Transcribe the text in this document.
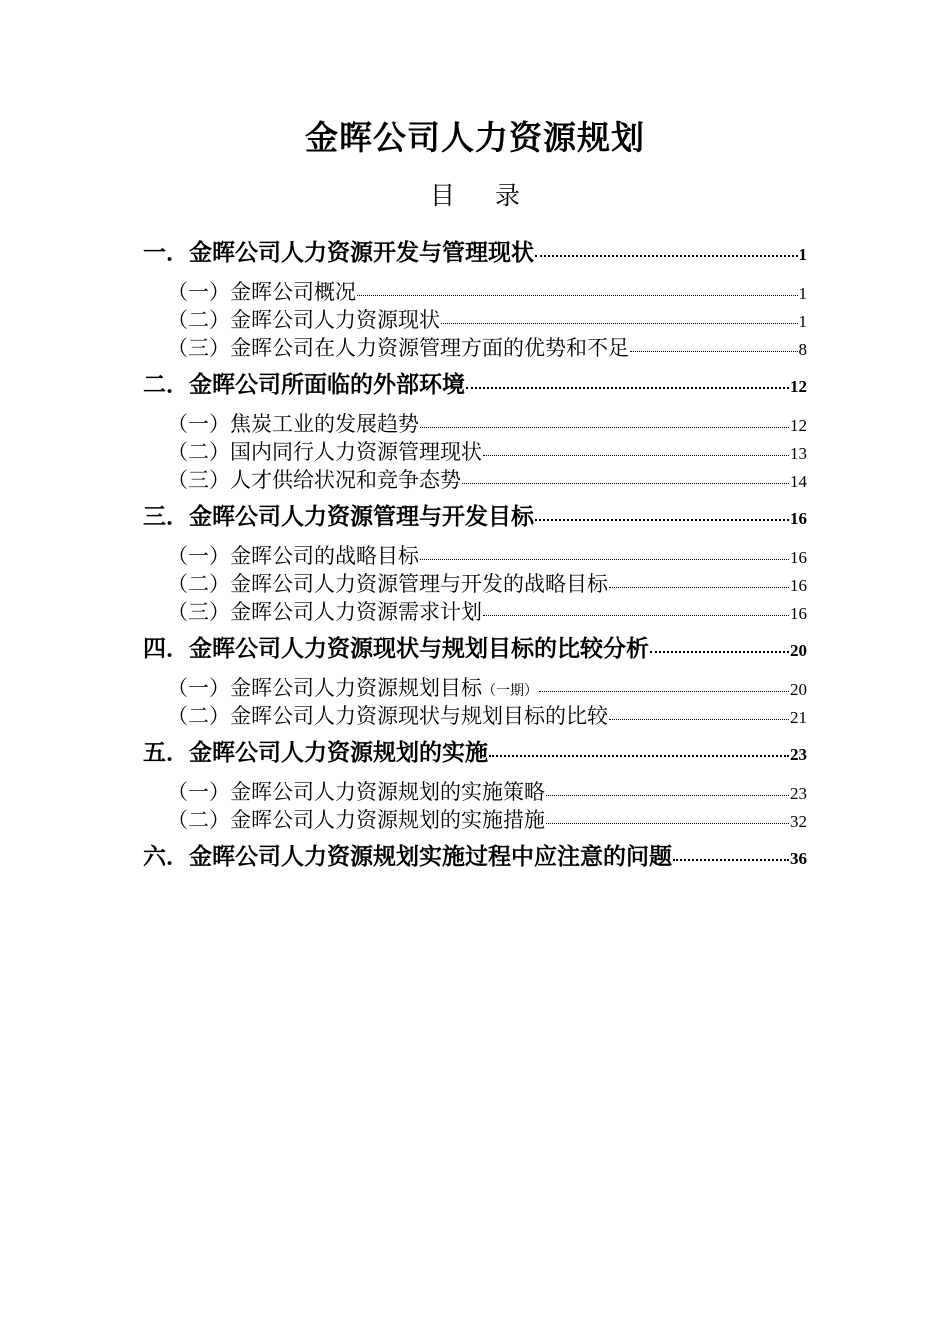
金晖公司人力资源规划
目录
一．金晖公司人力资源开发与管理现状	1
（一）金晖公司概况	1
（二）金晖公司人力资源现状	1
（三）金晖公司在人力资源管理方面的优势和不足	8
二．金晖公司所面临的外部环境	12
（一）焦炭工业的发展趋势	12
（二）国内同行人力资源管理现状	13
（三）人才供给状况和竞争态势	14
三．金晖公司人力资源管理与开发目标	16
（一）金晖公司的战略目标	16
（二）金晖公司人力资源管理与开发的战略目标	16
（三）金晖公司人力资源需求计划	16
四．金晖公司人力资源现状与规划目标的比较分析	20
（一）金晖公司人力资源规划目标（一期）	20
（二）金晖公司人力资源现状与规划目标的比较	21
五．金晖公司人力资源规划的实施	23
（一）金晖公司人力资源规划的实施策略	23
（二）金晖公司人力资源规划的实施措施	32
六．金晖公司人力资源规划实施过程中应注意的问题	36
